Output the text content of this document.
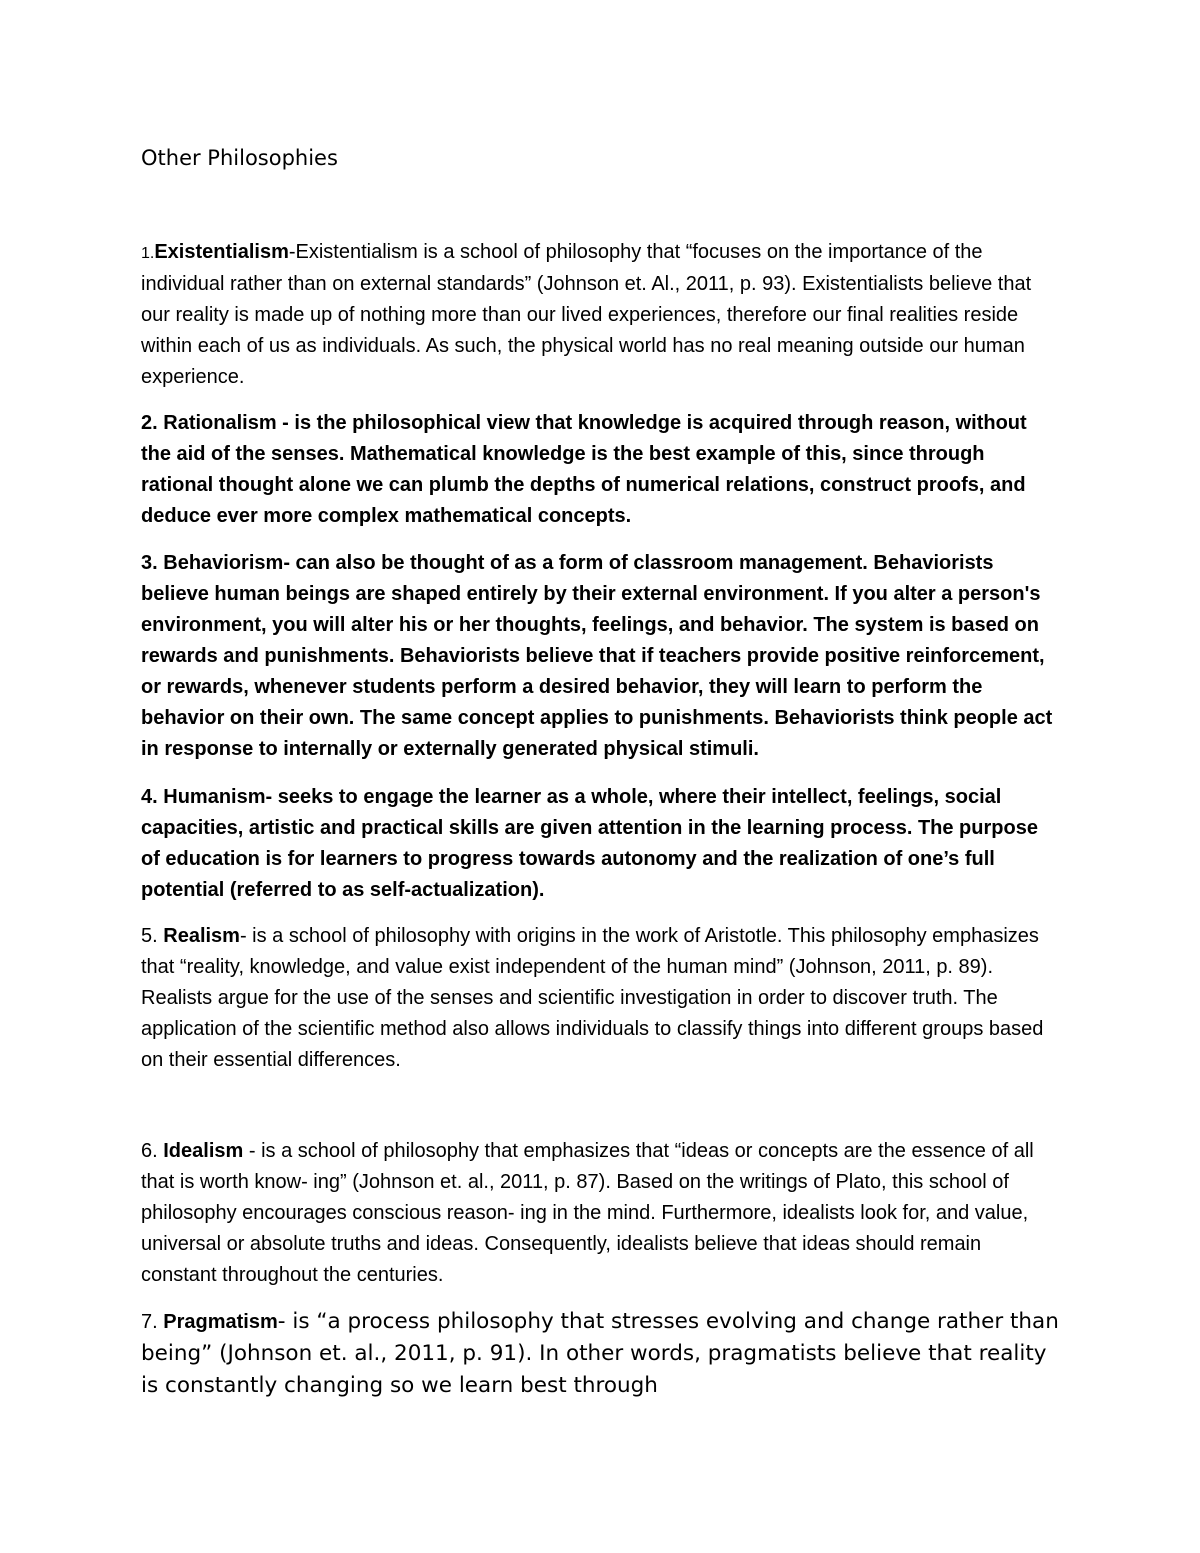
Other Philosophies

1.Existentialism-Existentialism is a school of philosophy that “focuses on the importance of the individual rather than on external standards” (Johnson et. Al., 2011, p. 93). Existentialists believe that our reality is made up of nothing more than our lived experiences, therefore our final realities reside within each of us as individuals. As such, the physical world has no real meaning outside our human experience.

2. Rationalism - is the philosophical view that knowledge is acquired through reason, without the aid of the senses. Mathematical knowledge is the best example of this, since through rational thought alone we can plumb the depths of numerical relations, construct proofs, and deduce ever more complex mathematical concepts.

3. Behaviorism- can also be thought of as a form of classroom management. Behaviorists believe human beings are shaped entirely by their external environment. If you alter a person's environment, you will alter his or her thoughts, feelings, and behavior. The system is based on rewards and punishments. Behaviorists believe that if teachers provide positive reinforcement, or rewards, whenever students perform a desired behavior, they will learn to perform the behavior on their own. The same concept applies to punishments. Behaviorists think people act in response to internally or externally generated physical stimuli.

4. Humanism- seeks to engage the learner as a whole, where their intellect, feelings, social capacities, artistic and practical skills are given attention in the learning process. The purpose of education is for learners to progress towards autonomy and the realization of one’s full potential (referred to as self-actualization).

5. Realism- is a school of philosophy with origins in the work of Aristotle. This philosophy emphasizes that “reality, knowledge, and value exist independent of the human mind” (Johnson, 2011, p. 89). Realists argue for the use of the senses and scientific investigation in order to discover truth. The application of the scientific method also allows individuals to classify things into different groups based on their essential differences.

6. Idealism - is a school of philosophy that emphasizes that “ideas or concepts are the essence of all that is worth know- ing” (Johnson et. al., 2011, p. 87). Based on the writings of Plato, this school of philosophy encourages conscious reason- ing in the mind. Furthermore, idealists look for, and value, universal or absolute truths and ideas. Consequently, idealists believe that ideas should remain constant throughout the centuries.

7. Pragmatism- is “a process philosophy that stresses evolving and change rather than being” (Johnson et. al., 2011, p. 91). In other words, pragmatists believe that reality is constantly changing so we learn best through
